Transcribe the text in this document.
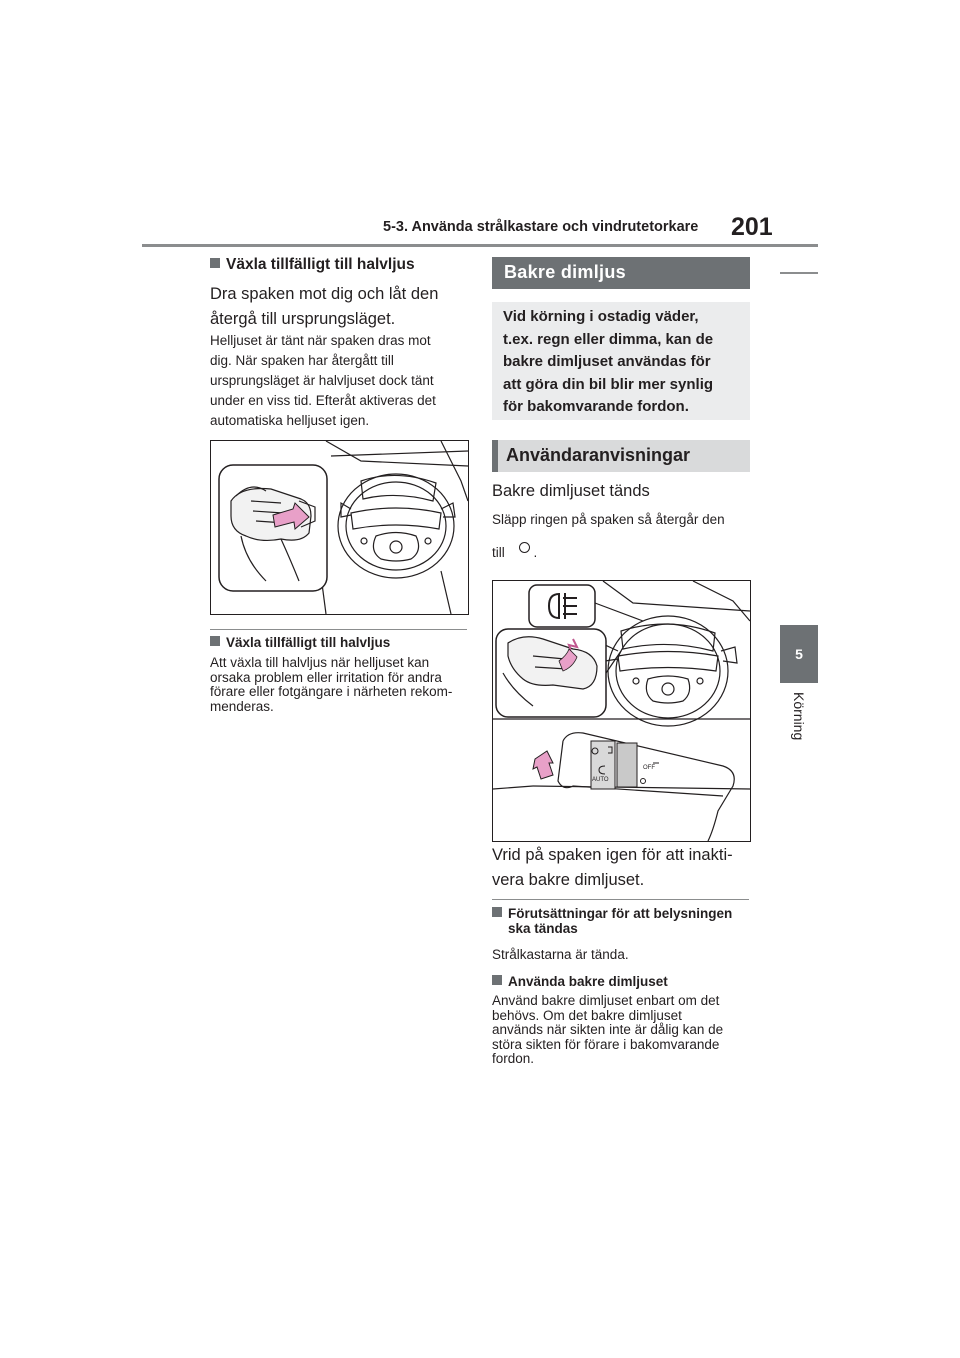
5-3. Använda strålkastare och vindrutetorkare 201
5
Körning
Växla tillfälligt till halvljus
Dra spaken mot dig och låt den
återgå till ursprungsläget.
Helljuset är tänt när spaken dras mot
dig. När spaken har återgått till
ursprungsläget är halvljuset dock tänt
under en viss tid. Efteråt aktiveras det
automatiska helljuset igen.
Växla tillfälligt till halvljus
Att växla till halvljus när helljuset kan
orsaka problem eller irritation för andra
förare eller fotgängare i närheten rekom-
menderas.
Bakre dimljus

Vid körning i ostadig väder,

t.ex. regn eller dimma, kan de

bakre dimljuset användas för

att göra din bil blir mer synlig

för bakomvarande fordon.

Användaranvisningar
Bakre dimljuset tänds
Släpp ringen på spaken så återgår den
till .
AUTO
OFF
Vrid på spaken igen för att inakti-
vera bakre dimljuset.
Förutsättningar för att belysningen
ska tändas
Strålkastarna är tända.
Använda bakre dimljuset
Använd bakre dimljuset enbart om det
behövs. Om det bakre dimljuset
används när sikten inte är dålig kan de
störa sikten för förare i bakomvarande
fordon.
